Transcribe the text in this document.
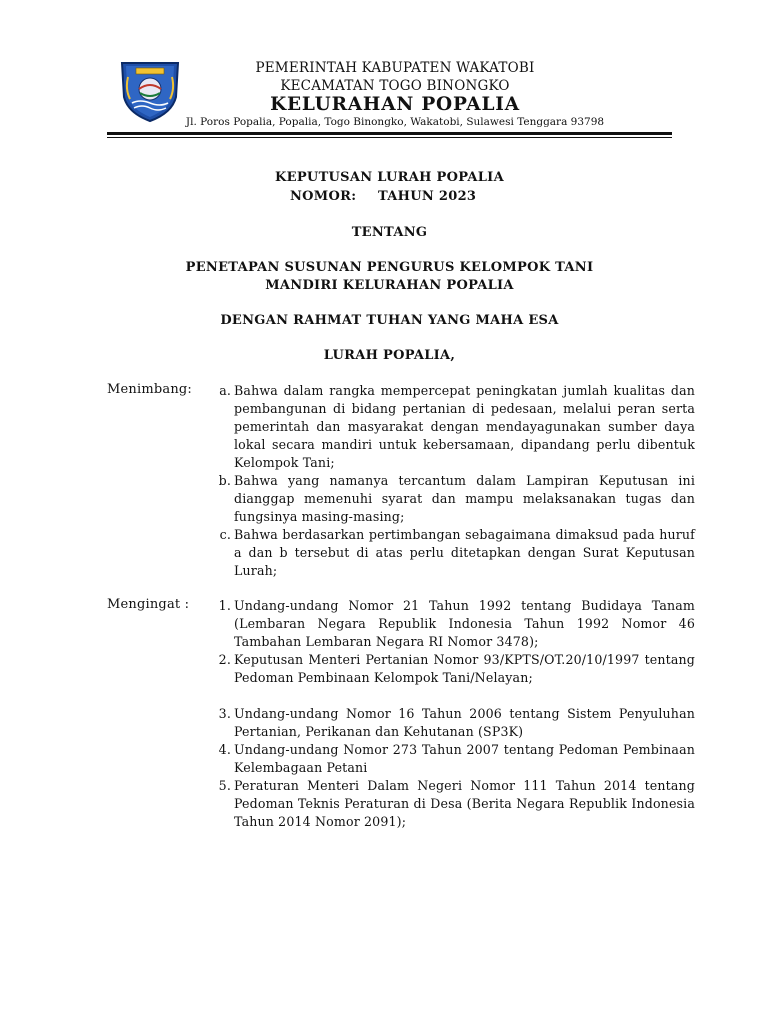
PEMERINTAH KABUPATEN WAKATOBI
KECAMATAN TOGO BINONGKO
KELURAHAN POPALIA
Jl. Poros Popalia, Popalia, Togo Binongko, Wakatobi, Sulawesi Tenggara 93798
KEPUTUSAN LURAH POPALIA
NOMOR: TAHUN 2023
TENTANG
PENETAPAN SUSUNAN PENGURUS KELOMPOK TANI
MANDIRI KELURAHAN POPALIA
DENGAN RAHMAT TUHAN YANG MAHA ESA
LURAH POPALIA,
Menimbang:	a. Bahwa dalam rangka mempercepat peningkatan jumlah kualitas dan pembangunan di bidang pertanian di pedesaan, melalui peran serta pemerintah dan masyarakat dengan mendayagunakan sumber daya lokal secara mandiri untuk kebersamaan, dipandang perlu dibentuk Kelompok Tani;
b. Bahwa yang namanya tercantum dalam Lampiran Keputusan ini dianggap memenuhi syarat dan mampu melaksanakan tugas dan fungsinya masing-masing;
c. Bahwa berdasarkan pertimbangan sebagaimana dimaksud pada huruf a dan b tersebut di atas perlu ditetapkan dengan Surat Keputusan Lurah;
Mengingat :	1. Undang-undang Nomor 21 Tahun 1992 tentang Budidaya Tanam (Lembaran Negara Republik Indonesia Tahun 1992 Nomor 46 Tambahan Lembaran Negara RI Nomor 3478);
2. Keputusan Menteri Pertanian Nomor 93/KPTS/OT.20/10/1997 tentang Pedoman Pembinaan Kelompok Tani/Nelayan;
3. Undang-undang Nomor 16 Tahun 2006 tentang Sistem Penyuluhan Pertanian, Perikanan dan Kehutanan (SP3K)
4. Undang-undang Nomor 273 Tahun 2007 tentang Pedoman Pembinaan Kelembagaan Petani
5. Peraturan Menteri Dalam Negeri Nomor 111 Tahun 2014 tentang Pedoman Teknis Peraturan di Desa (Berita Negara Republik Indonesia Tahun 2014 Nomor 2091);
